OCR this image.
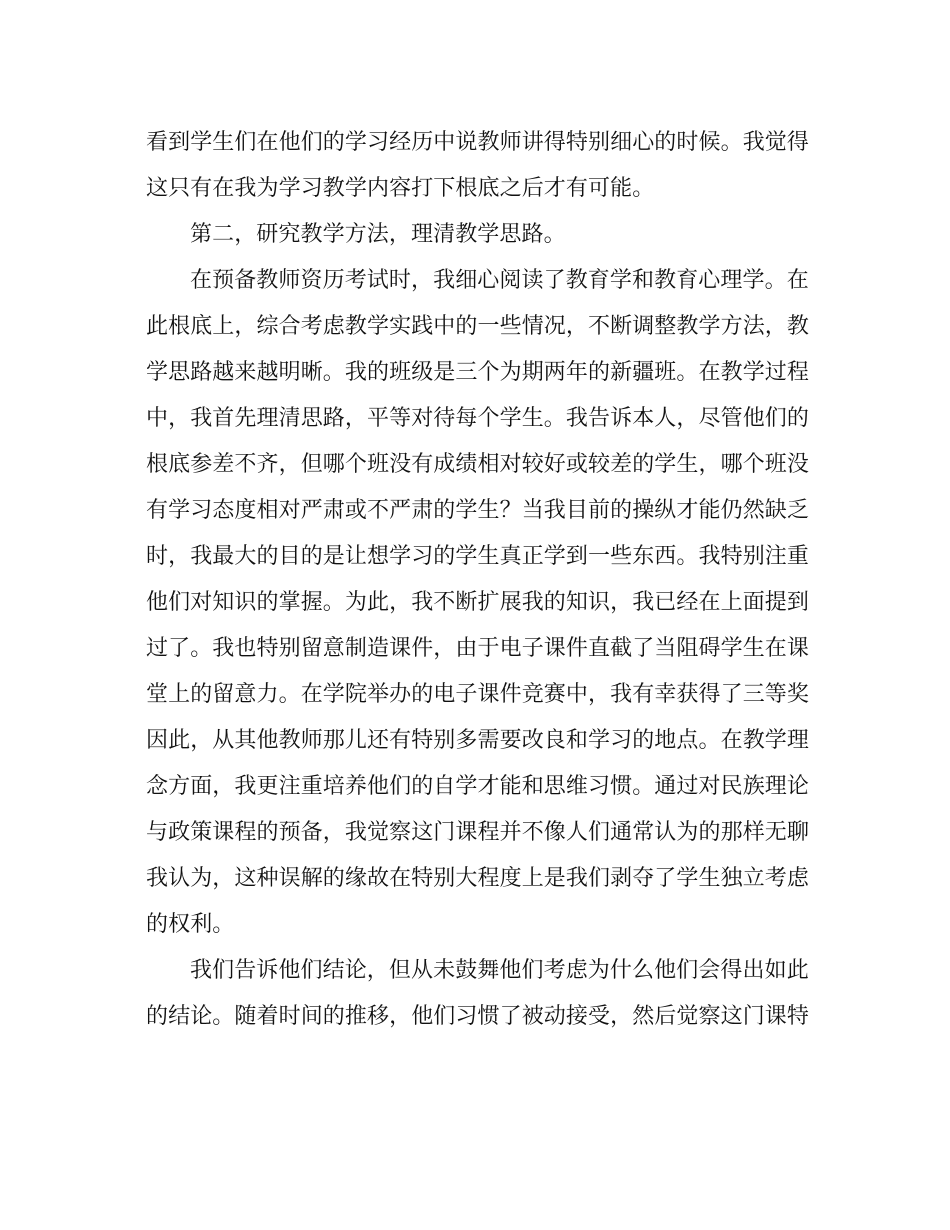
看到学生们在他们的学习经历中说教师讲得特别细心的时候。我觉得
这只有在我为学习教学内容打下根底之后才有可能。
第二，研究教学方法，理清教学思路。
在预备教师资历考试时，我细心阅读了教育学和教育心理学。在
此根底上，综合考虑教学实践中的一些情况，不断调整教学方法，教
学思路越来越明晰。我的班级是三个为期两年的新疆班。在教学过程
中，我首先理清思路，平等对待每个学生。我告诉本人，尽管他们的
根底参差不齐，但哪个班没有成绩相对较好或较差的学生，哪个班没
有学习态度相对严肃或不严肃的学生？当我目前的操纵才能仍然缺乏
时，我最大的目的是让想学习的学生真正学到一些东西。我特别注重
他们对知识的掌握。为此，我不断扩展我的知识，我已经在上面提到
过了。我也特别留意制造课件，由于电子课件直截了当阻碍学生在课
堂上的留意力。在学院举办的电子课件竞赛中，我有幸获得了三等奖
因此，从其他教师那儿还有特别多需要改良和学习的地点。在教学理
念方面，我更注重培养他们的自学才能和思维习惯。通过对民族理论
与政策课程的预备，我觉察这门课程并不像人们通常认为的那样无聊
我认为，这种误解的缘故在特别大程度上是我们剥夺了学生独立考虑
的权利。
我们告诉他们结论，但从未鼓舞他们考虑为什么他们会得出如此
的结论。随着时间的推移，他们习惯了被动接受，然后觉察这门课特
